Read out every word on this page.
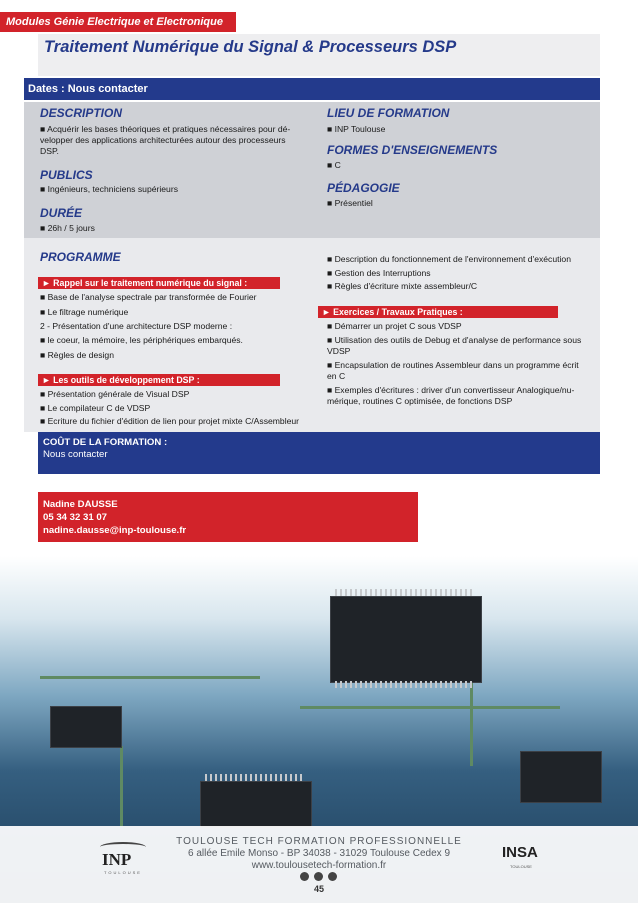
Modules Génie Electrique et Electronique
Traitement Numérique du Signal & Processeurs DSP
Dates : Nous contacter
DESCRIPTION
■ Acquérir les bases théoriques et pratiques nécessaires pour dé-
velopper des applications architecturées autour des processeurs
DSP.
PUBLICS
■ Ingénieurs, techniciens supérieurs
DURÉE
■ 26h / 5 jours
LIEU DE FORMATION
■ INP Toulouse
FORMES D'ENSEIGNEMENTS
■ C
PÉDAGOGIE
■ Présentiel
PROGRAMME
► Rappel sur le traitement numérique du signal :
■ Base de l'analyse spectrale par transformée de Fourier
■ Le filtrage numérique
2 - Présentation d'une architecture DSP moderne :
■ le coeur, la mémoire, les périphériques embarqués.
■ Règles de design
► Les outils de développement DSP :
■ Présentation générale de Visual DSP
■ Le compilateur C de VDSP
■ Ecriture du fichier d'édition de lien pour projet mixte C/Assembleur
■ Description du fonctionnement de l'environnement d'exécution
■ Gestion des Interruptions
■ Règles d'écriture mixte assembleur/C
► Exercices / Travaux Pratiques :
■ Démarrer un projet C sous VDSP
■ Utilisation des outils de Debug et d'analyse de performance sous
VDSP
■ Encapsulation de routines Assembleur dans un programme écrit
en C
■ Exemples d'écritures : driver d'un convertisseur Analogique/nu-
mérique, routines C optimisée, de fonctions DSP
COÛT DE LA FORMATION :
Nous contacter
Nadine DAUSSE
05 34 32 31 07
nadine.dausse@inp-toulouse.fr
TOULOUSE TECH FORMATION PROFESSIONNELLE
6 allée Emile Monso - BP 34038 - 31029 Toulouse Cedex 9
www.toulousetech-formation.fr
45
INP
TOULOUSE
INSA
TOULOUSE
